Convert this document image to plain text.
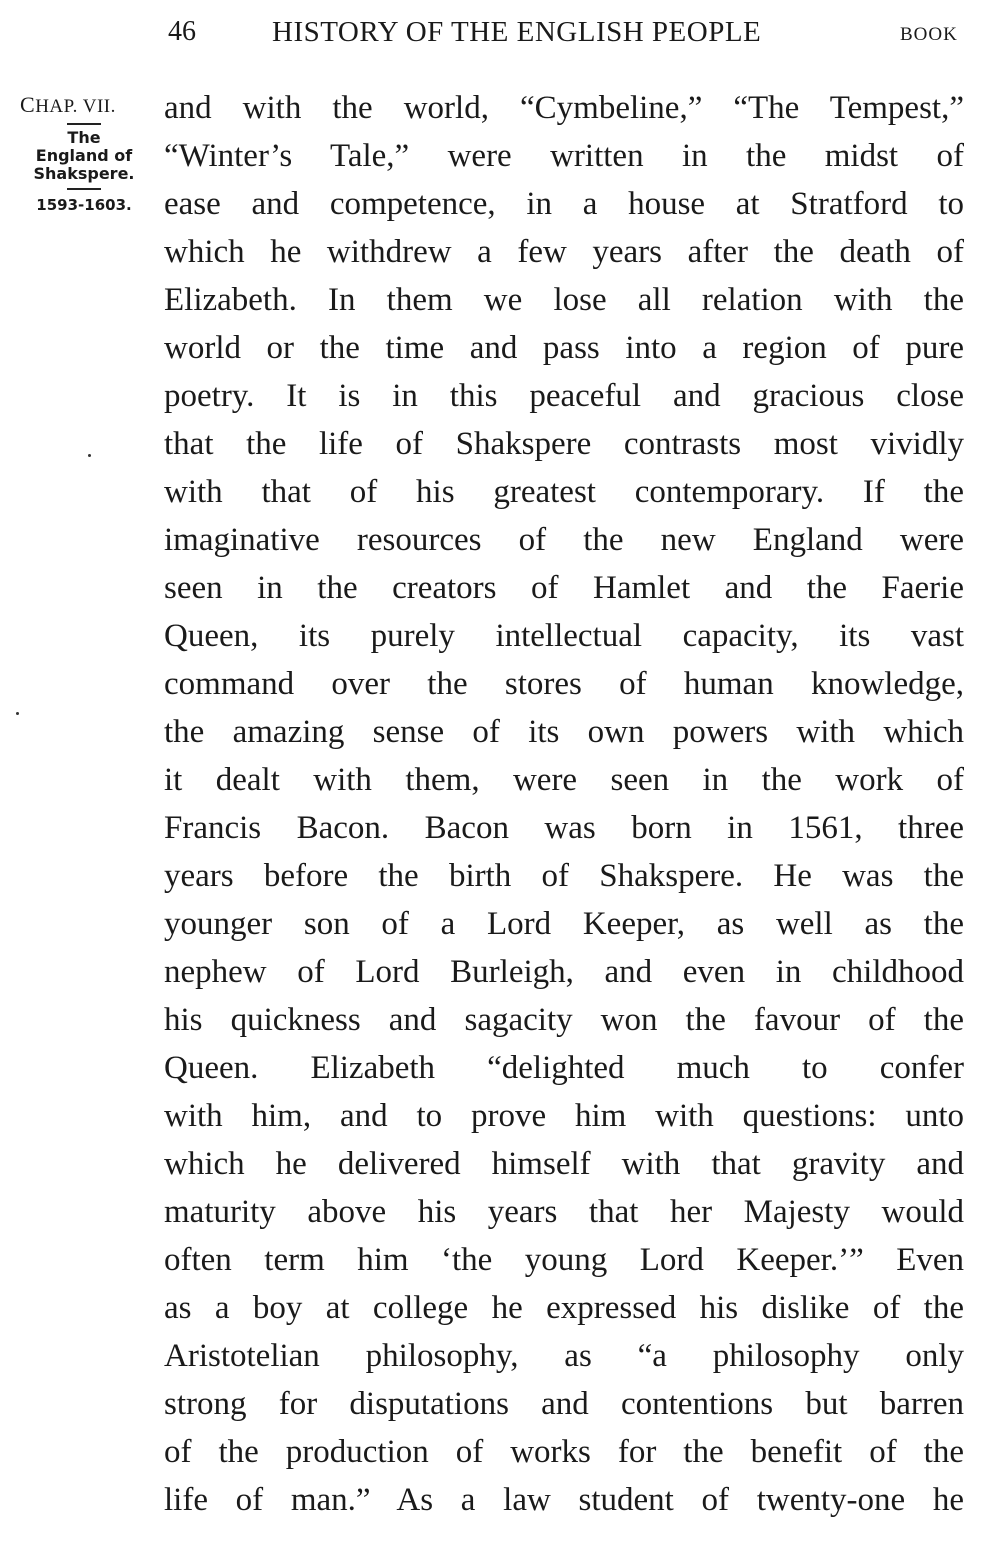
46	HISTORY OF THE ENGLISH PEOPLE	BOOK
CHAP. VII.
The
England of
Shakspere.
1593-1603.
and with the world, “Cymbeline,” “The Tempest,”
“Winter’s Tale,” were written in the midst of
ease and competence, in a house at Stratford to
which he withdrew a few years after the death of
Elizabeth. In them we lose all relation with the
world or the time and pass into a region of pure
poetry. It is in this peaceful and gracious close
that the life of Shakspere contrasts most vividly
with that of his greatest contemporary. If the
imaginative resources of the new England were
seen in the creators of Hamlet and the Faerie
Queen, its purely intellectual capacity, its vast
command over the stores of human knowledge,
the amazing sense of its own powers with which
it dealt with them, were seen in the work of
Francis Bacon. Bacon was born in 1561, three
years before the birth of Shakspere. He was the
younger son of a Lord Keeper, as well as the
nephew of Lord Burleigh, and even in childhood
his quickness and sagacity won the favour of the
Queen. Elizabeth “delighted much to confer
with him, and to prove him with questions: unto
which he delivered himself with that gravity and
maturity above his years that her Majesty would
often term him ‘the young Lord Keeper.’” Even
as a boy at college he expressed his dislike of the
Aristotelian philosophy, as “a philosophy only
strong for disputations and contentions but barren
of the production of works for the benefit of the
life of man.” As a law student of twenty-one he
